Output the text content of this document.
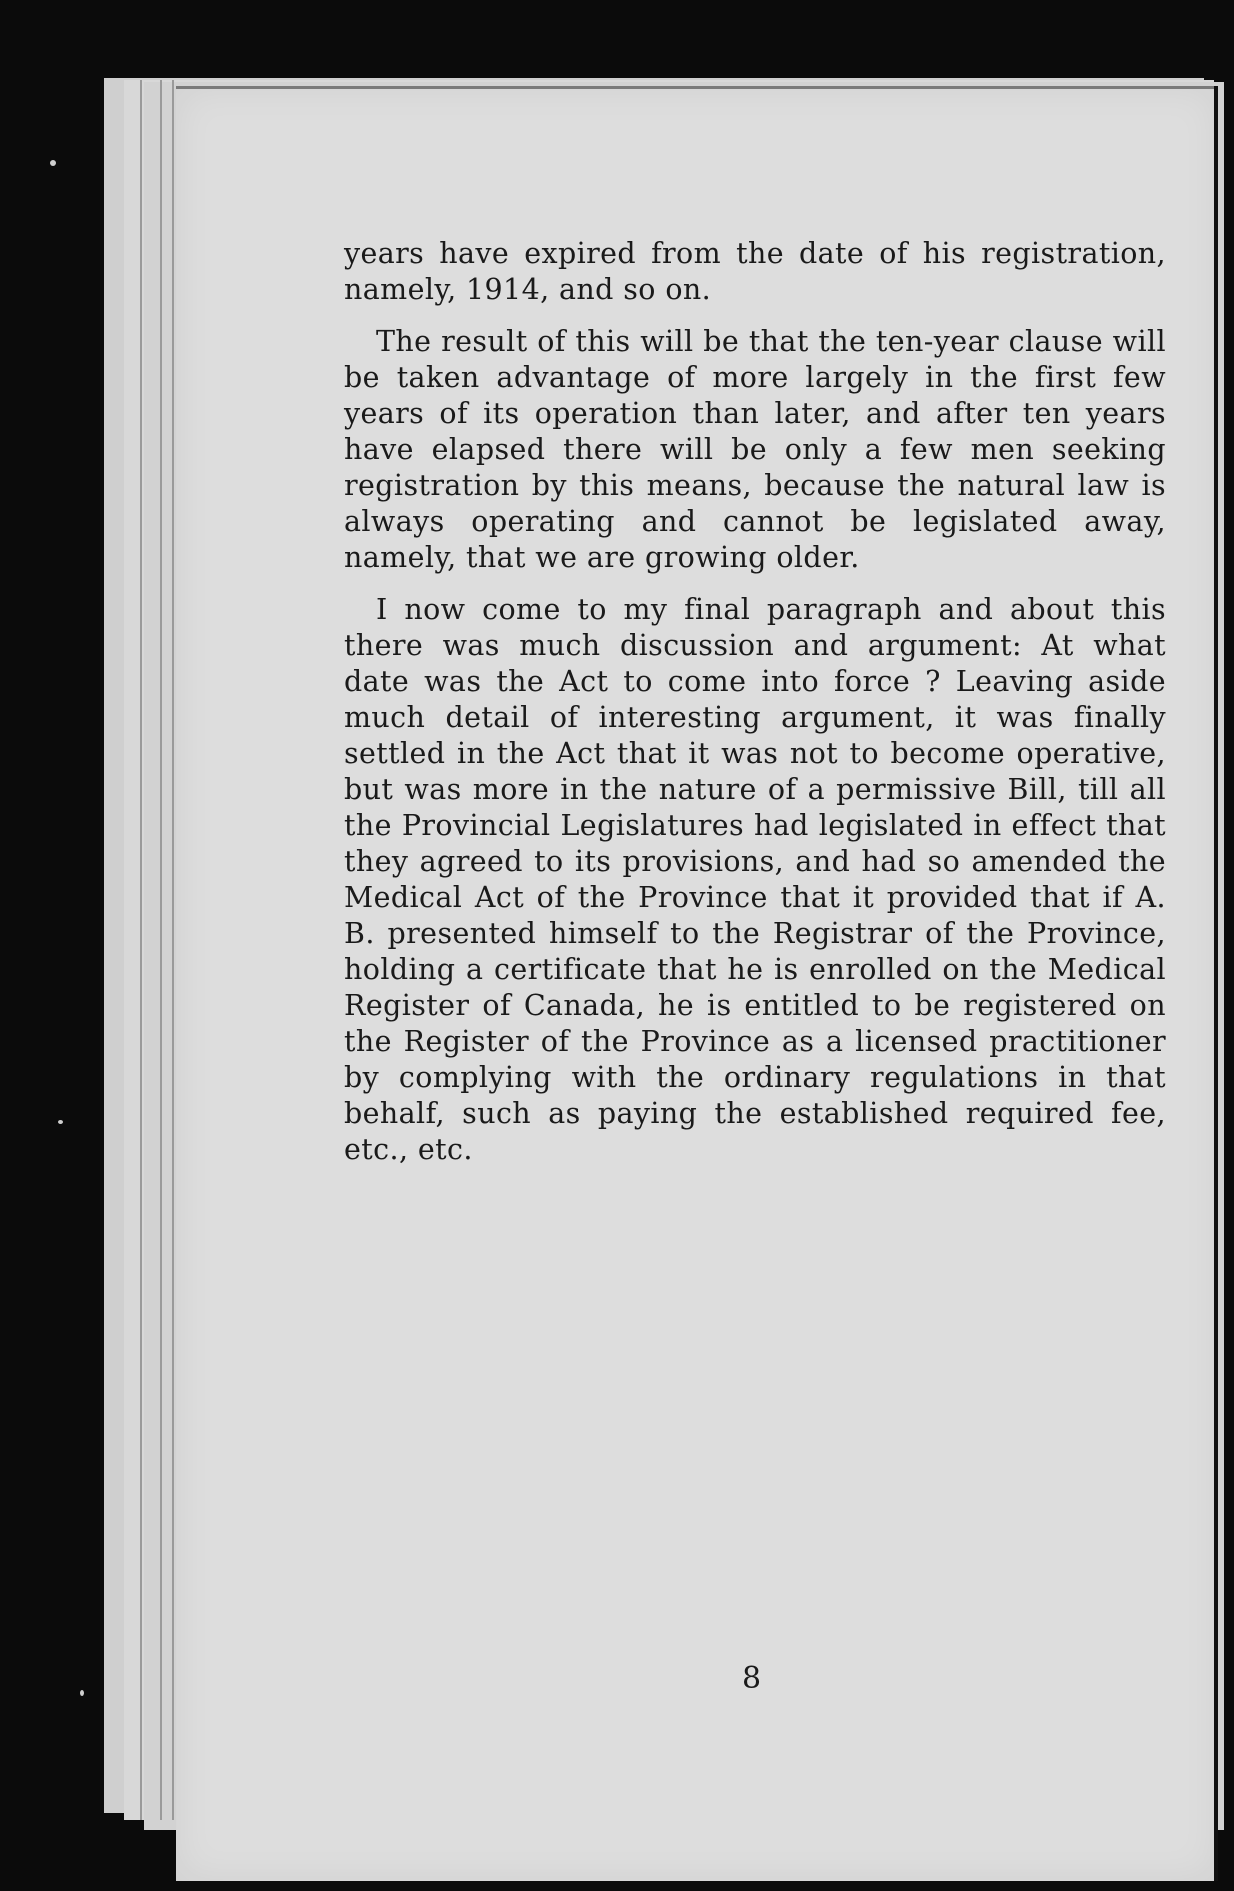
years have expired from the date of his registration, namely, 1914, and so on.

The result of this will be that the ten-year clause will be taken advantage of more largely in the first few years of its operation than later, and after ten years have elapsed there will be only a few men seeking registration by this means, because the natural law is always operating and cannot be legislated away, namely, that we are growing older.

I now come to my final paragraph and about this there was much discussion and argument: At what date was the Act to come into force ? Leaving aside much detail of interesting argument, it was finally settled in the Act that it was not to become operative, but was more in the nature of a permissive Bill, till all the Provincial Legislatures had legislated in effect that they agreed to its provisions, and had so amended the Medical Act of the Province that it provided that if A. B. presented himself to the Registrar of the Province, holding a certificate that he is enrolled on the Medical Register of Canada, he is entitled to be registered on the Register of the Province as a licensed practitioner by complying with the ordinary regulations in that behalf, such as paying the established required fee, etc., etc.

8
